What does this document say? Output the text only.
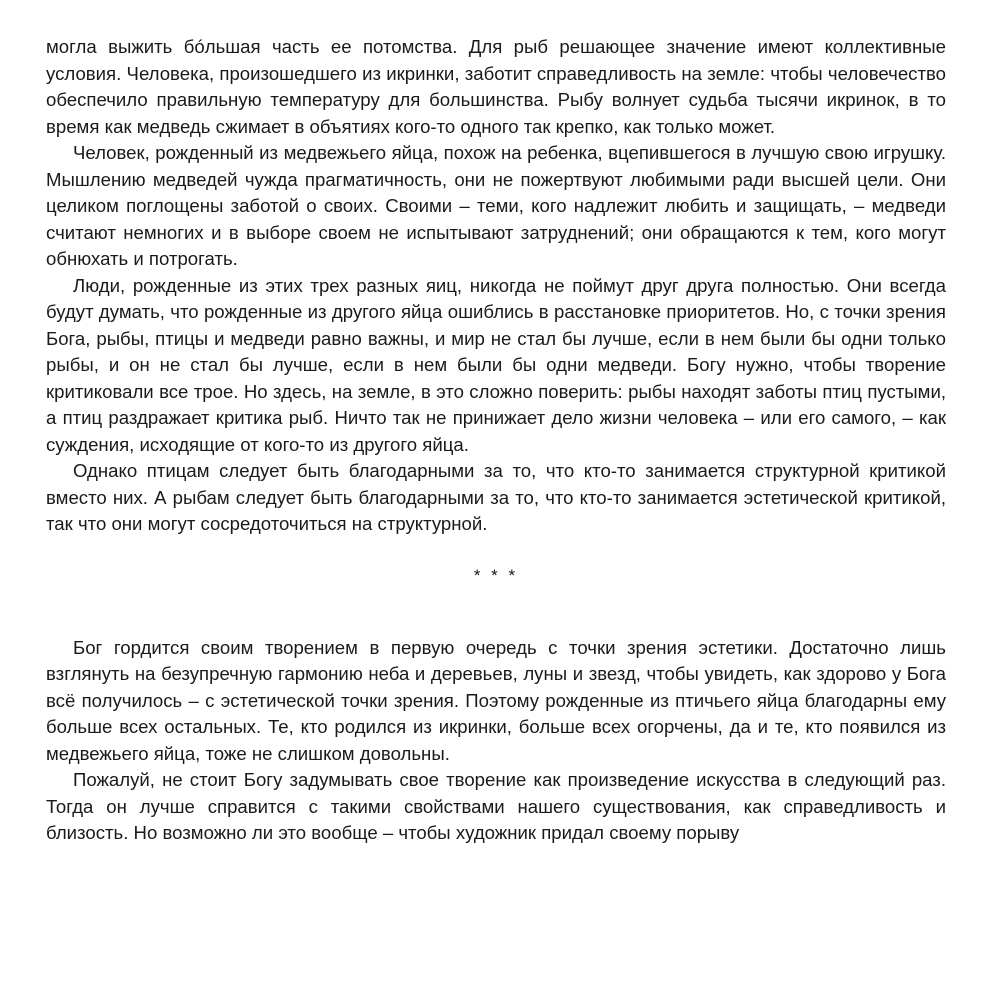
могла выжить бóльшая часть ее потомства. Для рыб решающее значение имеют коллективные условия. Человека, произошедшего из икринки, заботит справедливость на земле: чтобы человечество обеспечило правильную температуру для большинства. Рыбу волнует судьба тысячи икринок, в то время как медведь сжимает в объятиях кого-то одного так крепко, как только может.

Человек, рожденный из медвежьего яйца, похож на ребенка, вцепившегося в лучшую свою игрушку. Мышлению медведей чужда прагматичность, они не пожертвуют любимыми ради высшей цели. Они целиком поглощены заботой о своих. Своими – теми, кого надлежит любить и защищать, – медведи считают немногих и в выборе своем не испытывают затруднений; они обращаются к тем, кого могут обнюхать и потрогать.

Люди, рожденные из этих трех разных яиц, никогда не поймут друг друга полностью. Они всегда будут думать, что рожденные из другого яйца ошиблись в расстановке приоритетов. Но, с точки зрения Бога, рыбы, птицы и медведи равно важны, и мир не стал бы лучше, если в нем были бы одни только рыбы, и он не стал бы лучше, если в нем были бы одни медведи. Богу нужно, чтобы творение критиковали все трое. Но здесь, на земле, в это сложно поверить: рыбы находят заботы птиц пустыми, а птиц раздражает критика рыб. Ничто так не принижает дело жизни человека – или его самого, – как суждения, исходящие от кого-то из другого яйца.

Однако птицам следует быть благодарными за то, что кто-то занимается структурной критикой вместо них. А рыбам следует быть благодарными за то, что кто-то занимается эстетической критикой, так что они могут сосредоточиться на структурной.

* * *

Бог гордится своим творением в первую очередь с точки зрения эстетики. Достаточно лишь взглянуть на безупречную гармонию неба и деревьев, луны и звезд, чтобы увидеть, как здорово у Бога всё получилось – с эстетической точки зрения. Поэтому рожденные из птичьего яйца благодарны ему больше всех остальных. Те, кто родился из икринки, больше всех огорчены, да и те, кто появился из медвежьего яйца, тоже не слишком довольны.

Пожалуй, не стоит Богу задумывать свое творение как произведение искусства в следующий раз. Тогда он лучше справится с такими свойствами нашего существования, как справедливость и близость. Но возможно ли это вообще – чтобы художник придал своему порыву
